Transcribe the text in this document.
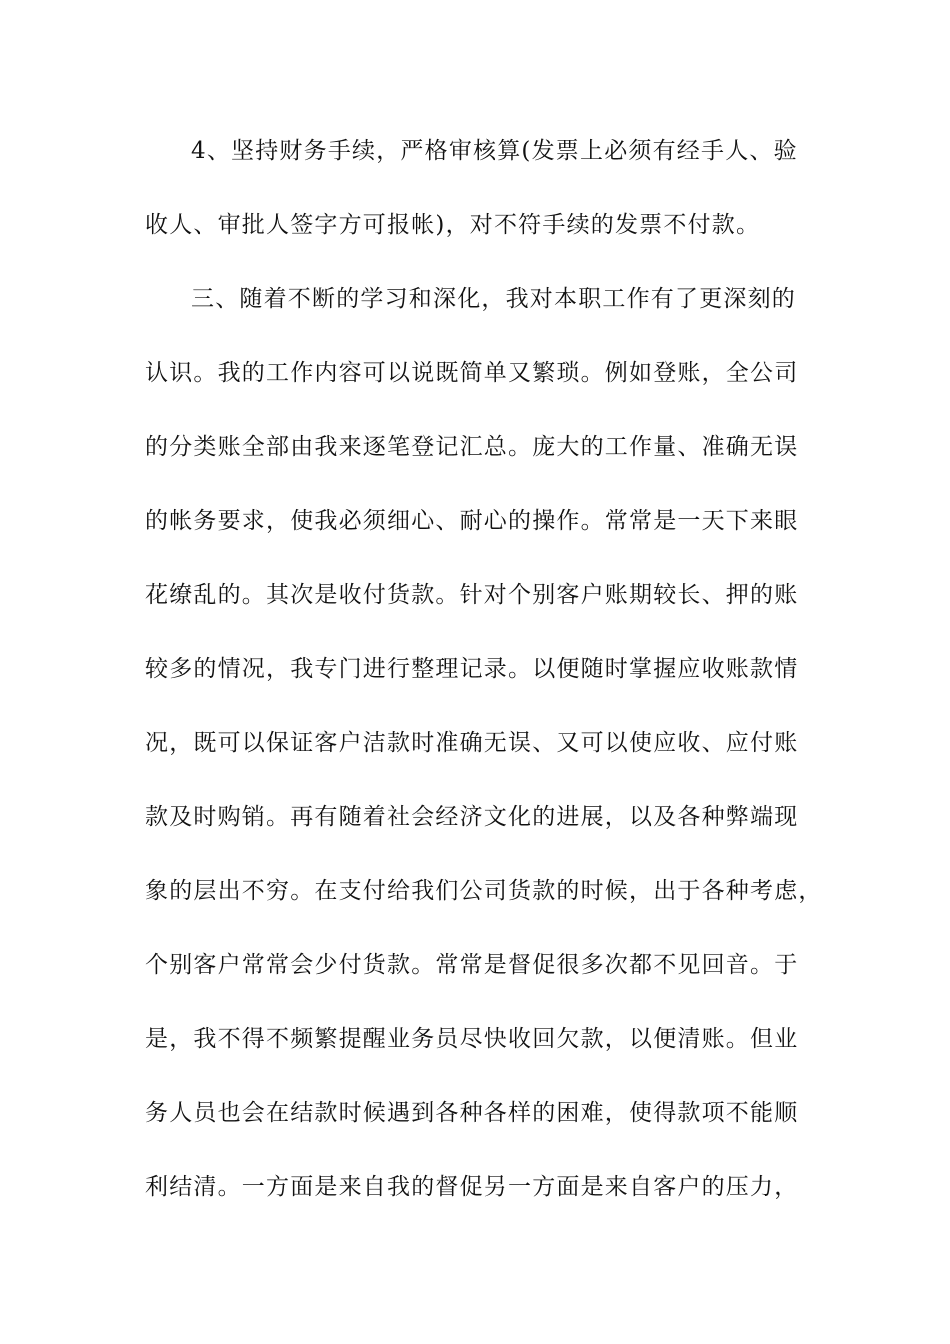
4、坚持财务手续，严格审核算(发票上必须有经手人、验
收人、审批人签字方可报帐)，对不符手续的发票不付款。
三、随着不断的学习和深化，我对本职工作有了更深刻的
认识。我的工作内容可以说既简单又繁琐。例如登账，全公司
的分类账全部由我来逐笔登记汇总。庞大的工作量、准确无误
的帐务要求，使我必须细心、耐心的操作。常常是一天下来眼
花缭乱的。其次是收付货款。针对个别客户账期较长、押的账
较多的情况，我专门进行整理记录。以便随时掌握应收账款情
况，既可以保证客户洁款时准确无误、又可以使应收、应付账
款及时购销。再有随着社会经济文化的进展，以及各种弊端现
象的层出不穷。在支付给我们公司货款的时候，出于各种考虑，
个别客户常常会少付货款。常常是督促很多次都不见回音。于
是，我不得不频繁提醒业务员尽快收回欠款，以便清账。但业
务人员也会在结款时候遇到各种各样的困难，使得款项不能顺
利结清。一方面是来自我的督促另一方面是来自客户的压力，
